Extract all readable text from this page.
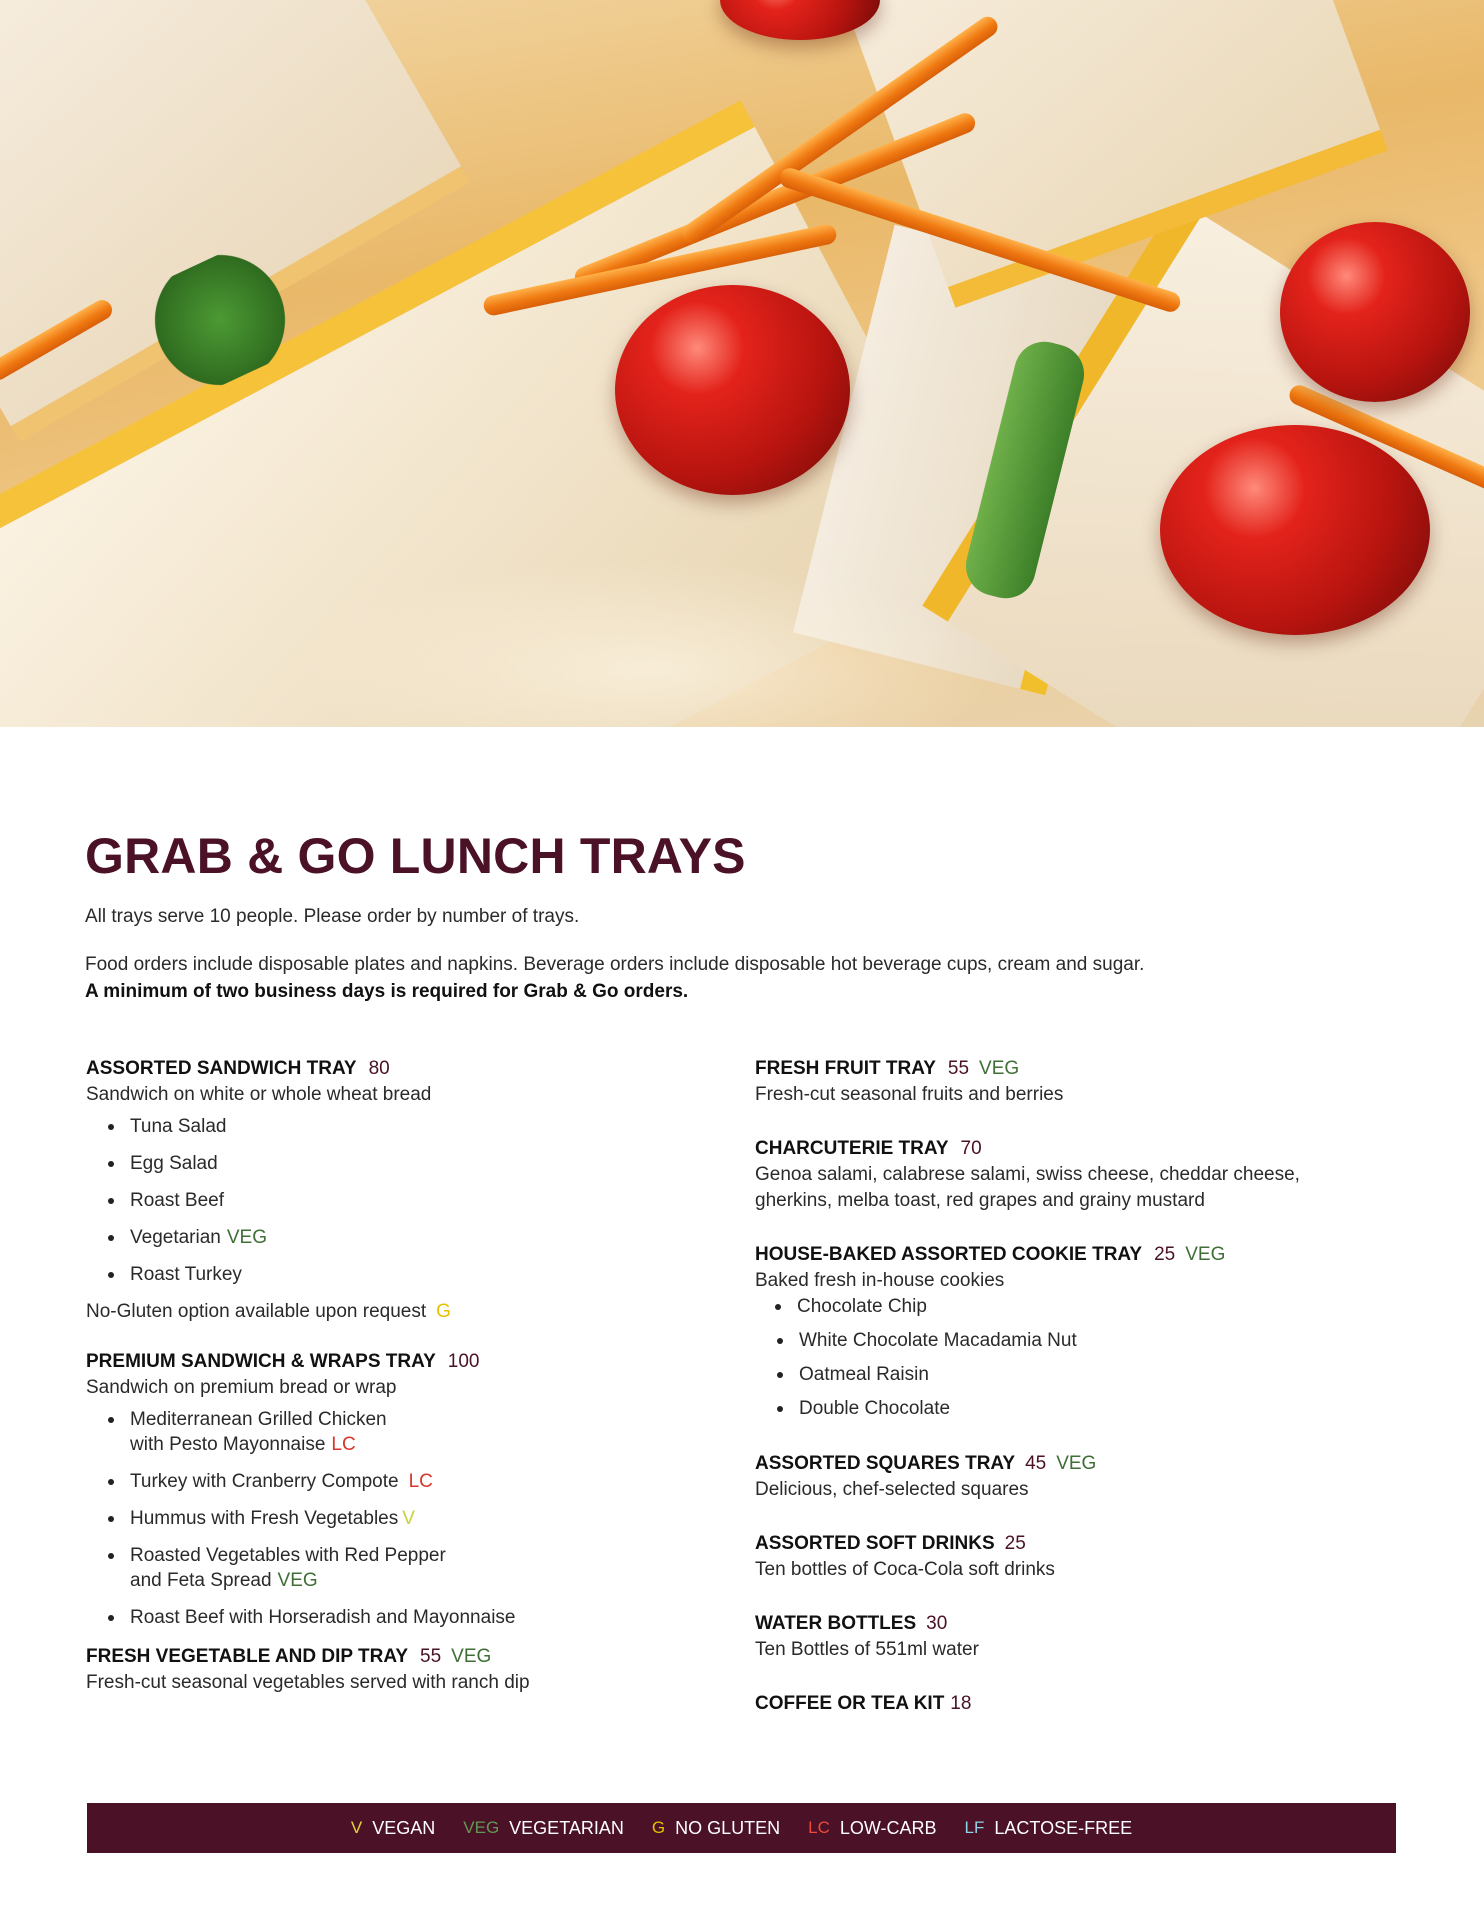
GRAB & GO LUNCH TRAYS

All trays serve 10 people. Please order by number of trays.

Food orders include disposable plates and napkins. Beverage orders include disposable hot beverage cups, cream and sugar.

A minimum of two business days is required for Grab & Go orders.

ASSORTED SANDWICH TRAY 80
Sandwich on white or whole wheat bread
Tuna Salad
Egg Salad
Roast Beef
Vegetarian VEG
Roast Turkey
No-Gluten option available upon request G
PREMIUM SANDWICH & WRAPS TRAY 100
Sandwich on premium bread or wrap
Mediterranean Grilled Chicken
with Pesto Mayonnaise LC
Turkey with Cranberry Compote LC
Hummus with Fresh Vegetables V
Roasted Vegetables with Red Pepper
and Feta Spread VEG
Roast Beef with Horseradish and Mayonnaise
FRESH VEGETABLE AND DIP TRAY 55 VEG
Fresh-cut seasonal vegetables served with ranch dip
FRESH FRUIT TRAY 55 VEG
Fresh-cut seasonal fruits and berries
CHARCUTERIE TRAY 70
Genoa salami, calabrese salami, swiss cheese, cheddar cheese,
gherkins, melba toast, red grapes and grainy mustard
HOUSE-BAKED ASSORTED COOKIE TRAY 25 VEG
Baked fresh in-house cookies
Chocolate Chip
White Chocolate Macadamia Nut
Oatmeal Raisin
Double Chocolate
ASSORTED SQUARES TRAY 45 VEG
Delicious, chef-selected squares
ASSORTED SOFT DRINKS 25
Ten bottles of Coca-Cola soft drinks
WATER BOTTLES 30
Ten Bottles of 551ml water
COFFEE OR TEA KIT 18
V VEGAN VEG VEGETARIAN G NO GLUTEN LC LOW-CARB LF LACTOSE-FREE
